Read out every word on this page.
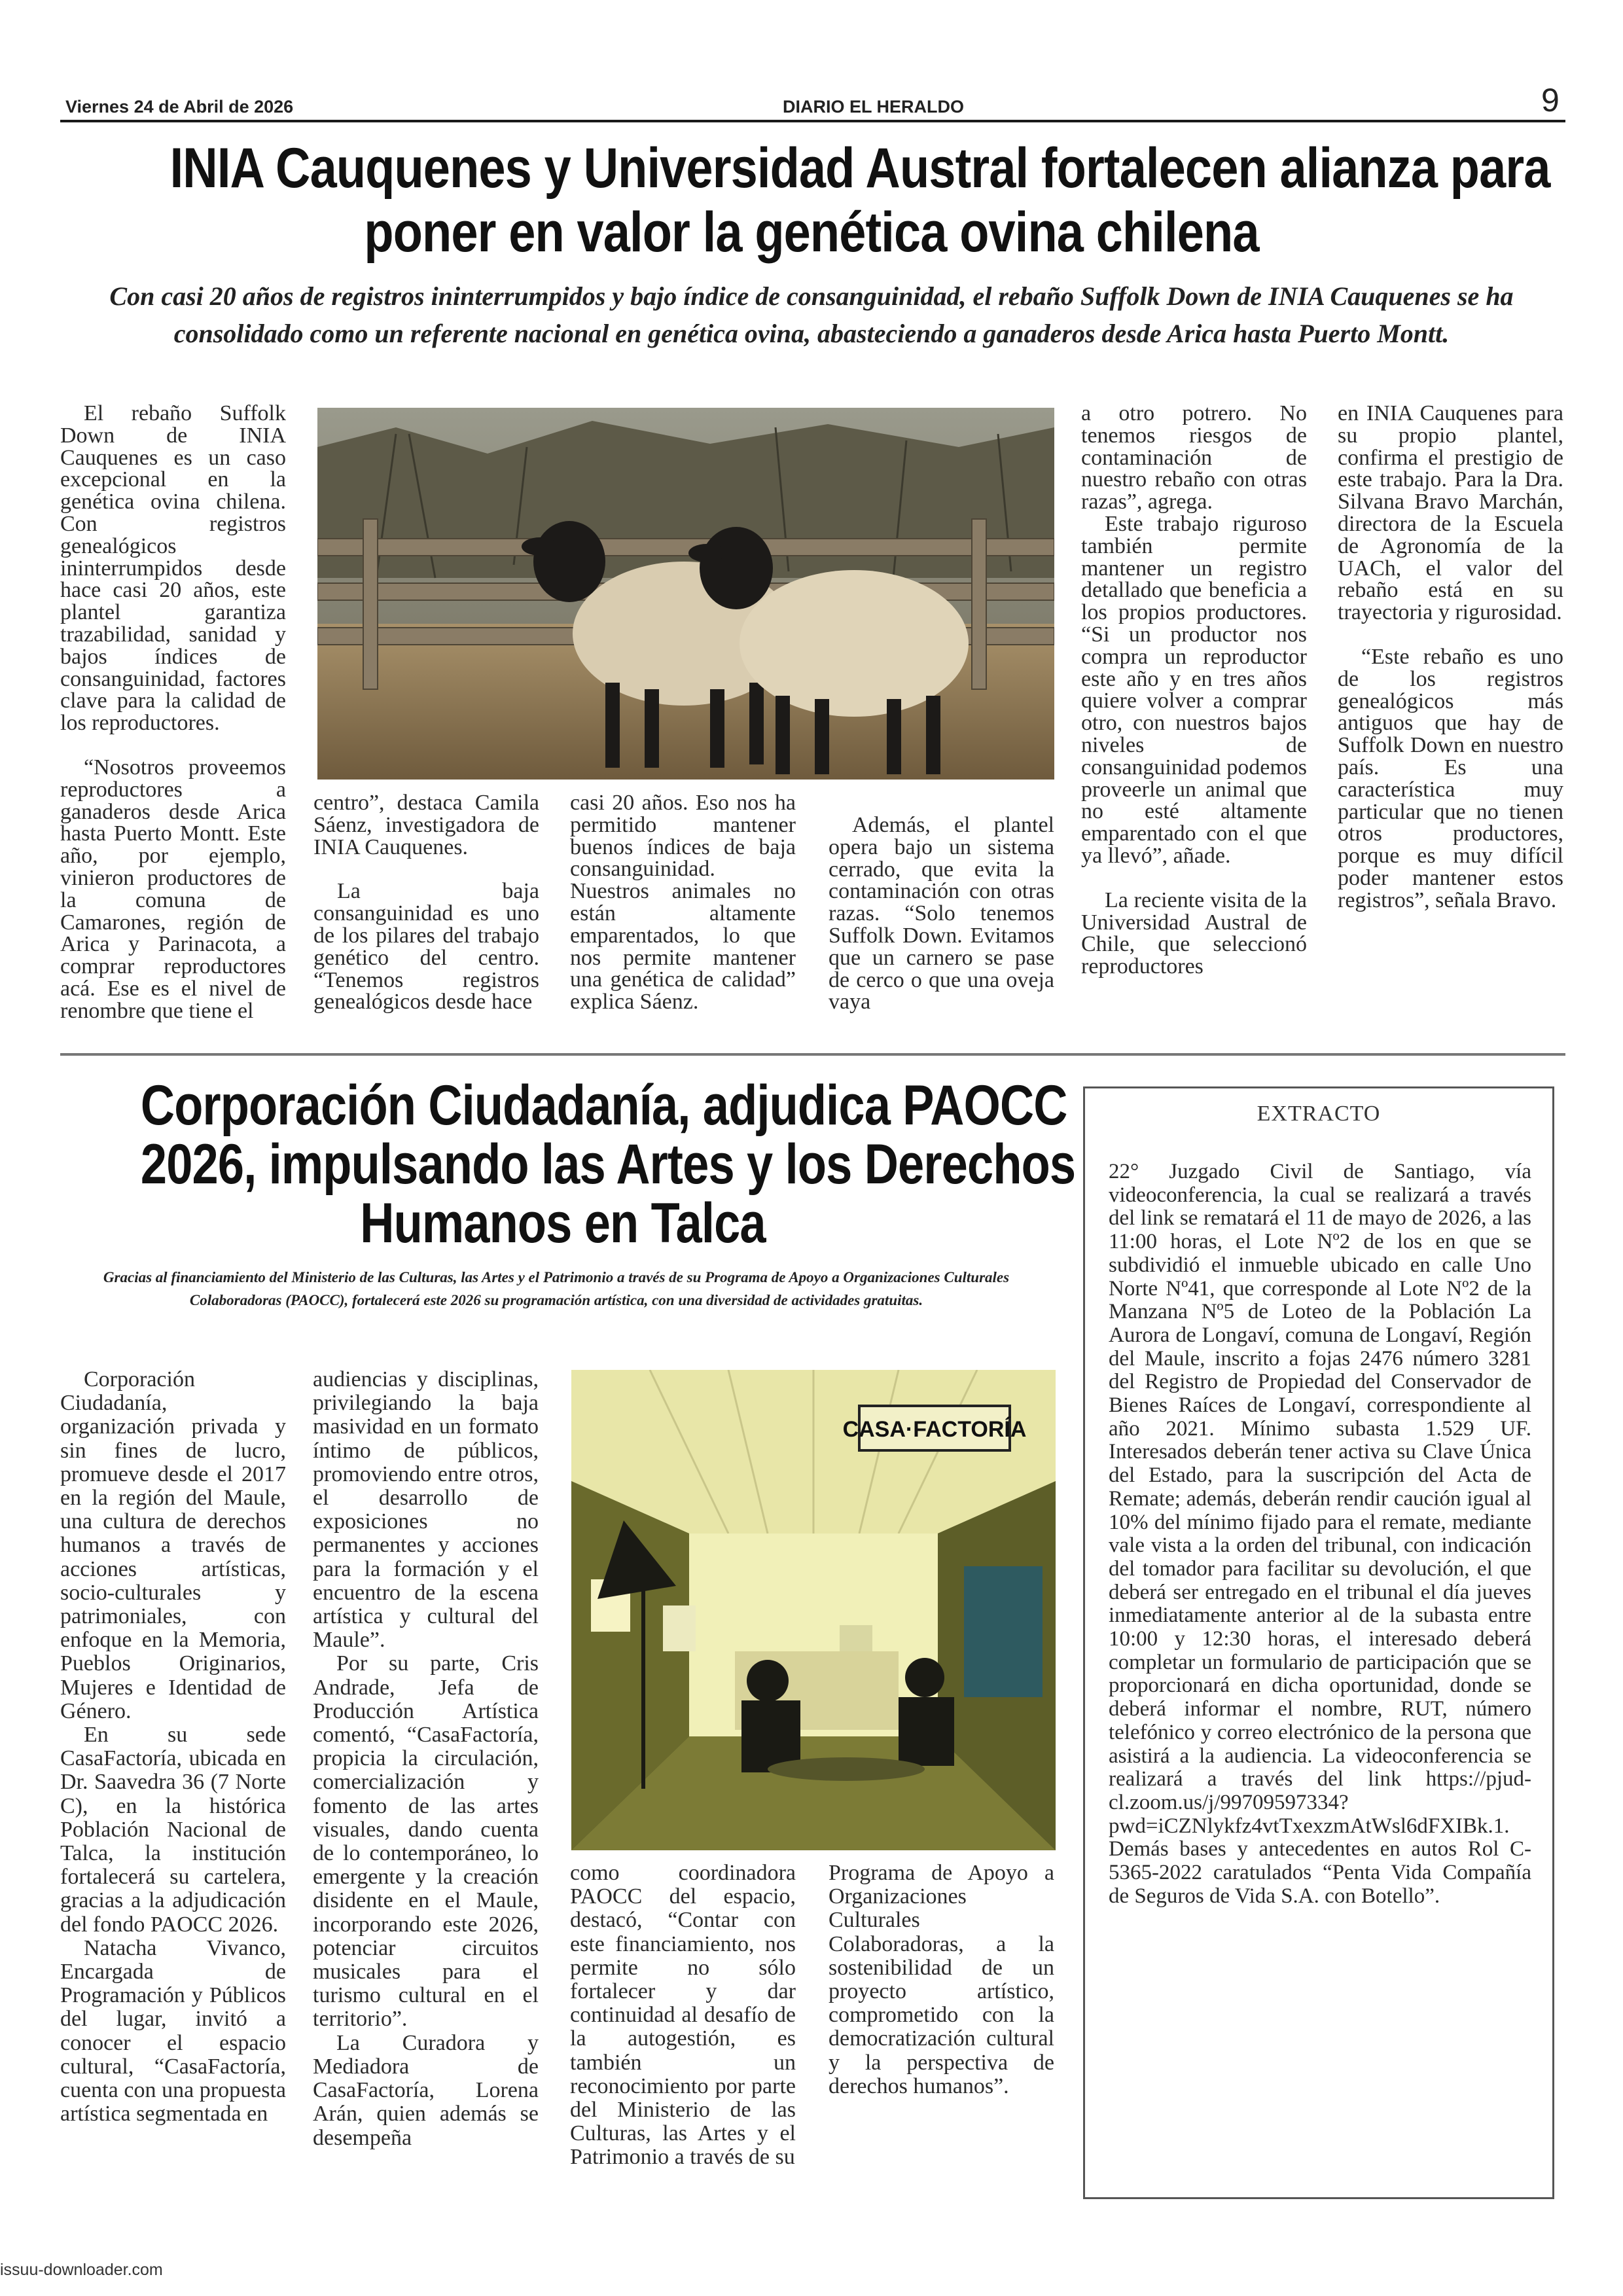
Viernes 24 de Abril de 2026	DIARIO EL HERALDO	9
INIA Cauquenes y Universidad Austral fortalecen alianza para
poner en valor la genética ovina chilena
Con casi 20 años de registros ininterrumpidos y bajo índice de consanguinidad, el rebaño Suffolk Down de INIA Cauquenes se ha consolidado como un referente nacional en genética ovina, abasteciendo a ganaderos desde Arica hasta Puerto Montt.
El rebaño Suffolk Down de INIA Cauquenes es un caso excepcional en la genética ovina chilena. Con registros genealógicos ininterrumpidos desde hace casi 20 años, este plantel garantiza trazabilidad, sanidad y bajos índices de consanguinidad, factores clave para la calidad de los reproductores.
“Nosotros proveemos reproductores a ganaderos desde Arica hasta Puerto Montt. Este año, por ejemplo, vinieron productores de la comuna de Camarones, región de Arica y Parinacota, a comprar reproductores acá. Ese es el nivel de renombre que tiene el
centro”, destaca Camila Sáenz, investigadora de INIA Cauquenes.
La baja consanguinidad es uno de los pilares del trabajo genético del centro. “Tenemos registros genealógicos desde hace
casi 20 años. Eso nos ha permitido mantener buenos índices de baja consanguinidad. Nuestros animales no están altamente emparentados, lo que nos permite mantener una genética de calidad” explica Sáenz.
Además, el plantel opera bajo un sistema cerrado, que evita la contaminación con otras razas. “Solo tenemos Suffolk Down. Evitamos que un carnero se pase de cerco o que una oveja vaya
a otro potrero. No tenemos riesgos de contaminación de nuestro rebaño con otras razas”, agrega.
Este trabajo riguroso también permite mantener un registro detallado que beneficia a los propios productores. “Si un productor nos compra un reproductor este año y en tres años quiere volver a comprar otro, con nuestros bajos niveles de consanguinidad podemos proveerle un animal que no esté altamente emparentado con el que ya llevó”, añade.
La reciente visita de la Universidad Austral de Chile, que seleccionó reproductores
en INIA Cauquenes para su propio plantel, confirma el prestigio de este trabajo. Para la Dra. Silvana Bravo Marchán, directora de la Escuela de Agronomía de la UACh, el valor del rebaño está en su trayectoria y rigurosidad.
“Este rebaño es uno de los registros genealógicos más antiguos que hay de Suffolk Down en nuestro país. Es una característica muy particular que no tienen otros productores, porque es muy difícil poder mantener estos registros”, señala Bravo.
Corporación Ciudadanía, adjudica PAOCC
2026, impulsando las Artes y los Derechos
Humanos en Talca
Gracias al financiamiento del Ministerio de las Culturas, las Artes y el Patrimonio a través de su Programa de Apoyo a Organizaciones Culturales Colaboradoras (PAOCC), fortalecerá este 2026 su programación artística, con una diversidad de actividades gratuitas.
Corporación Ciudadanía, organización privada y sin fines de lucro, promueve desde el 2017 en la región del Maule, una cultura de derechos humanos a través de acciones artísticas, socio-culturales y patrimoniales, con enfoque en la Memoria, Pueblos Originarios, Mujeres e Identidad de Género.
En su sede CasaFactoría, ubicada en Dr. Saavedra 36 (7 Norte C), en la histórica Población Nacional de Talca, la institución fortalecerá su cartelera, gracias a la adjudicación del fondo PAOCC 2026.
Natacha Vivanco, Encargada de Programación y Públicos del lugar, invitó a conocer el espacio cultural, “CasaFactoría, cuenta con una propuesta artística segmentada en
audiencias y disciplinas, privilegiando la baja masividad en un formato íntimo de públicos, promoviendo entre otros, el desarrollo de exposiciones no permanentes y acciones para la formación y el encuentro de la escena artística y cultural del Maule”.
Por su parte, Cris Andrade, Jefa de Producción Artística comentó, “CasaFactoría, propicia la circulación, comercialización y fomento de las artes visuales, dando cuenta de lo contemporáneo, lo emergente y la creación disidente en el Maule, incorporando este 2026, potenciar circuitos musicales para el turismo cultural en el territorio”.
La Curadora y Mediadora de CasaFactoría, Lorena Arán, quien además se desempeña
CASA·FACTORÍA
como coordinadora PAOCC del espacio, destacó, “Contar con este financiamiento, nos permite no sólo fortalecer y dar continuidad al desafío de la autogestión, es también un reconocimiento por parte del Ministerio de las Culturas, las Artes y el Patrimonio a través de su
Programa de Apoyo a Organizaciones Culturales Colaboradoras, a la sostenibilidad de un proyecto artístico, comprometido con la democratización cultural y la perspectiva de derechos humanos”.
EXTRACTO
22° Juzgado Civil de Santiago, vía videoconferencia, la cual se realizará a través del link se rematará el 11 de mayo de 2026, a las 11:00 horas, el Lote Nº2 de los en que se subdividió el inmueble ubicado en calle Uno Norte Nº41, que corresponde al Lote Nº2 de la Manzana Nº5 de Loteo de la Población La Aurora de Longaví, comuna de Longaví, Región del Maule, inscrito a fojas 2476 número 3281 del Registro de Propiedad del Conservador de Bienes Raíces de Longaví, correspondiente al año 2021. Mínimo subasta 1.529 UF. Interesados deberán tener activa su Clave Única del Estado, para la suscripción del Acta de Remate; además, deberán rendir caución igual al 10% del mínimo fijado para el remate, mediante vale vista a la orden del tribunal, con indicación del tomador para facilitar su devolución, el que deberá ser entregado en el tribunal el día jueves inmediatamente anterior al de la subasta entre 10:00 y 12:30 horas, el interesado deberá completar un formulario de participación que se proporcionará en dicha oportunidad, donde se deberá informar el nombre, RUT, número telefónico y correo electrónico de la persona que asistirá a la audiencia. La videoconferencia se realizará a través del link https://pjud-cl.zoom.us/j/99709597334? pwd=iCZNlykfz4vtTxexzmAtWsl6dFXIBk.1. Demás bases y antecedentes en autos Rol C-5365-2022 caratulados “Penta Vida Compañía de Seguros de Vida S.A. con Botello”.
issuu-downloader.com
